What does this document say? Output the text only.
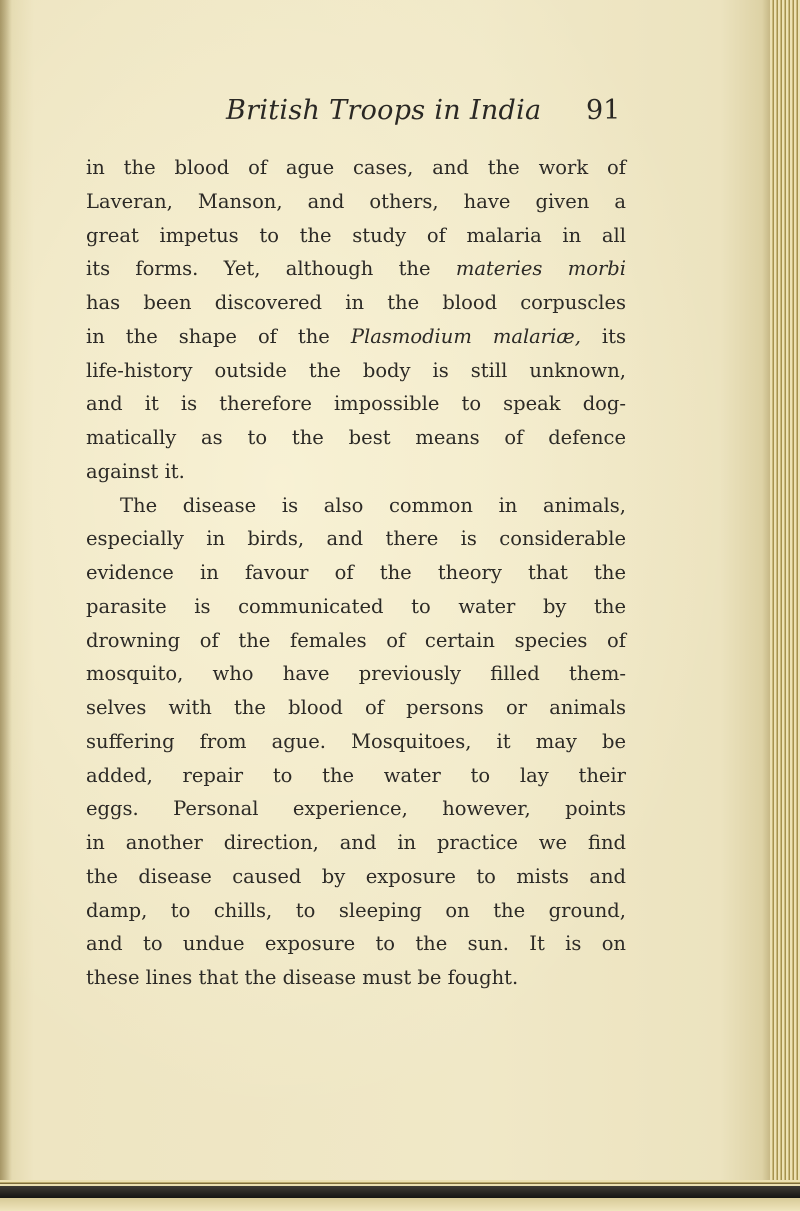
British Troops in India 91
in the blood of ague cases, and the work of
Laveran, Manson, and others, have given a
great impetus to the study of malaria in all
its forms. Yet, although the materies morbi
has been discovered in the blood corpuscles
in the shape of the Plasmodium malariæ, its
life-history outside the body is still unknown,
and it is therefore impossible to speak dog-
matically as to the best means of defence
against it.
The disease is also common in animals,
especially in birds, and there is considerable
evidence in favour of the theory that the
parasite is communicated to water by the
drowning of the females of certain species of
mosquito, who have previously filled them-
selves with the blood of persons or animals
suffering from ague. Mosquitoes, it may be
added, repair to the water to lay their
eggs. Personal experience, however, points
in another direction, and in practice we find
the disease caused by exposure to mists and
damp, to chills, to sleeping on the ground,
and to undue exposure to the sun. It is on
these lines that the disease must be fought.
